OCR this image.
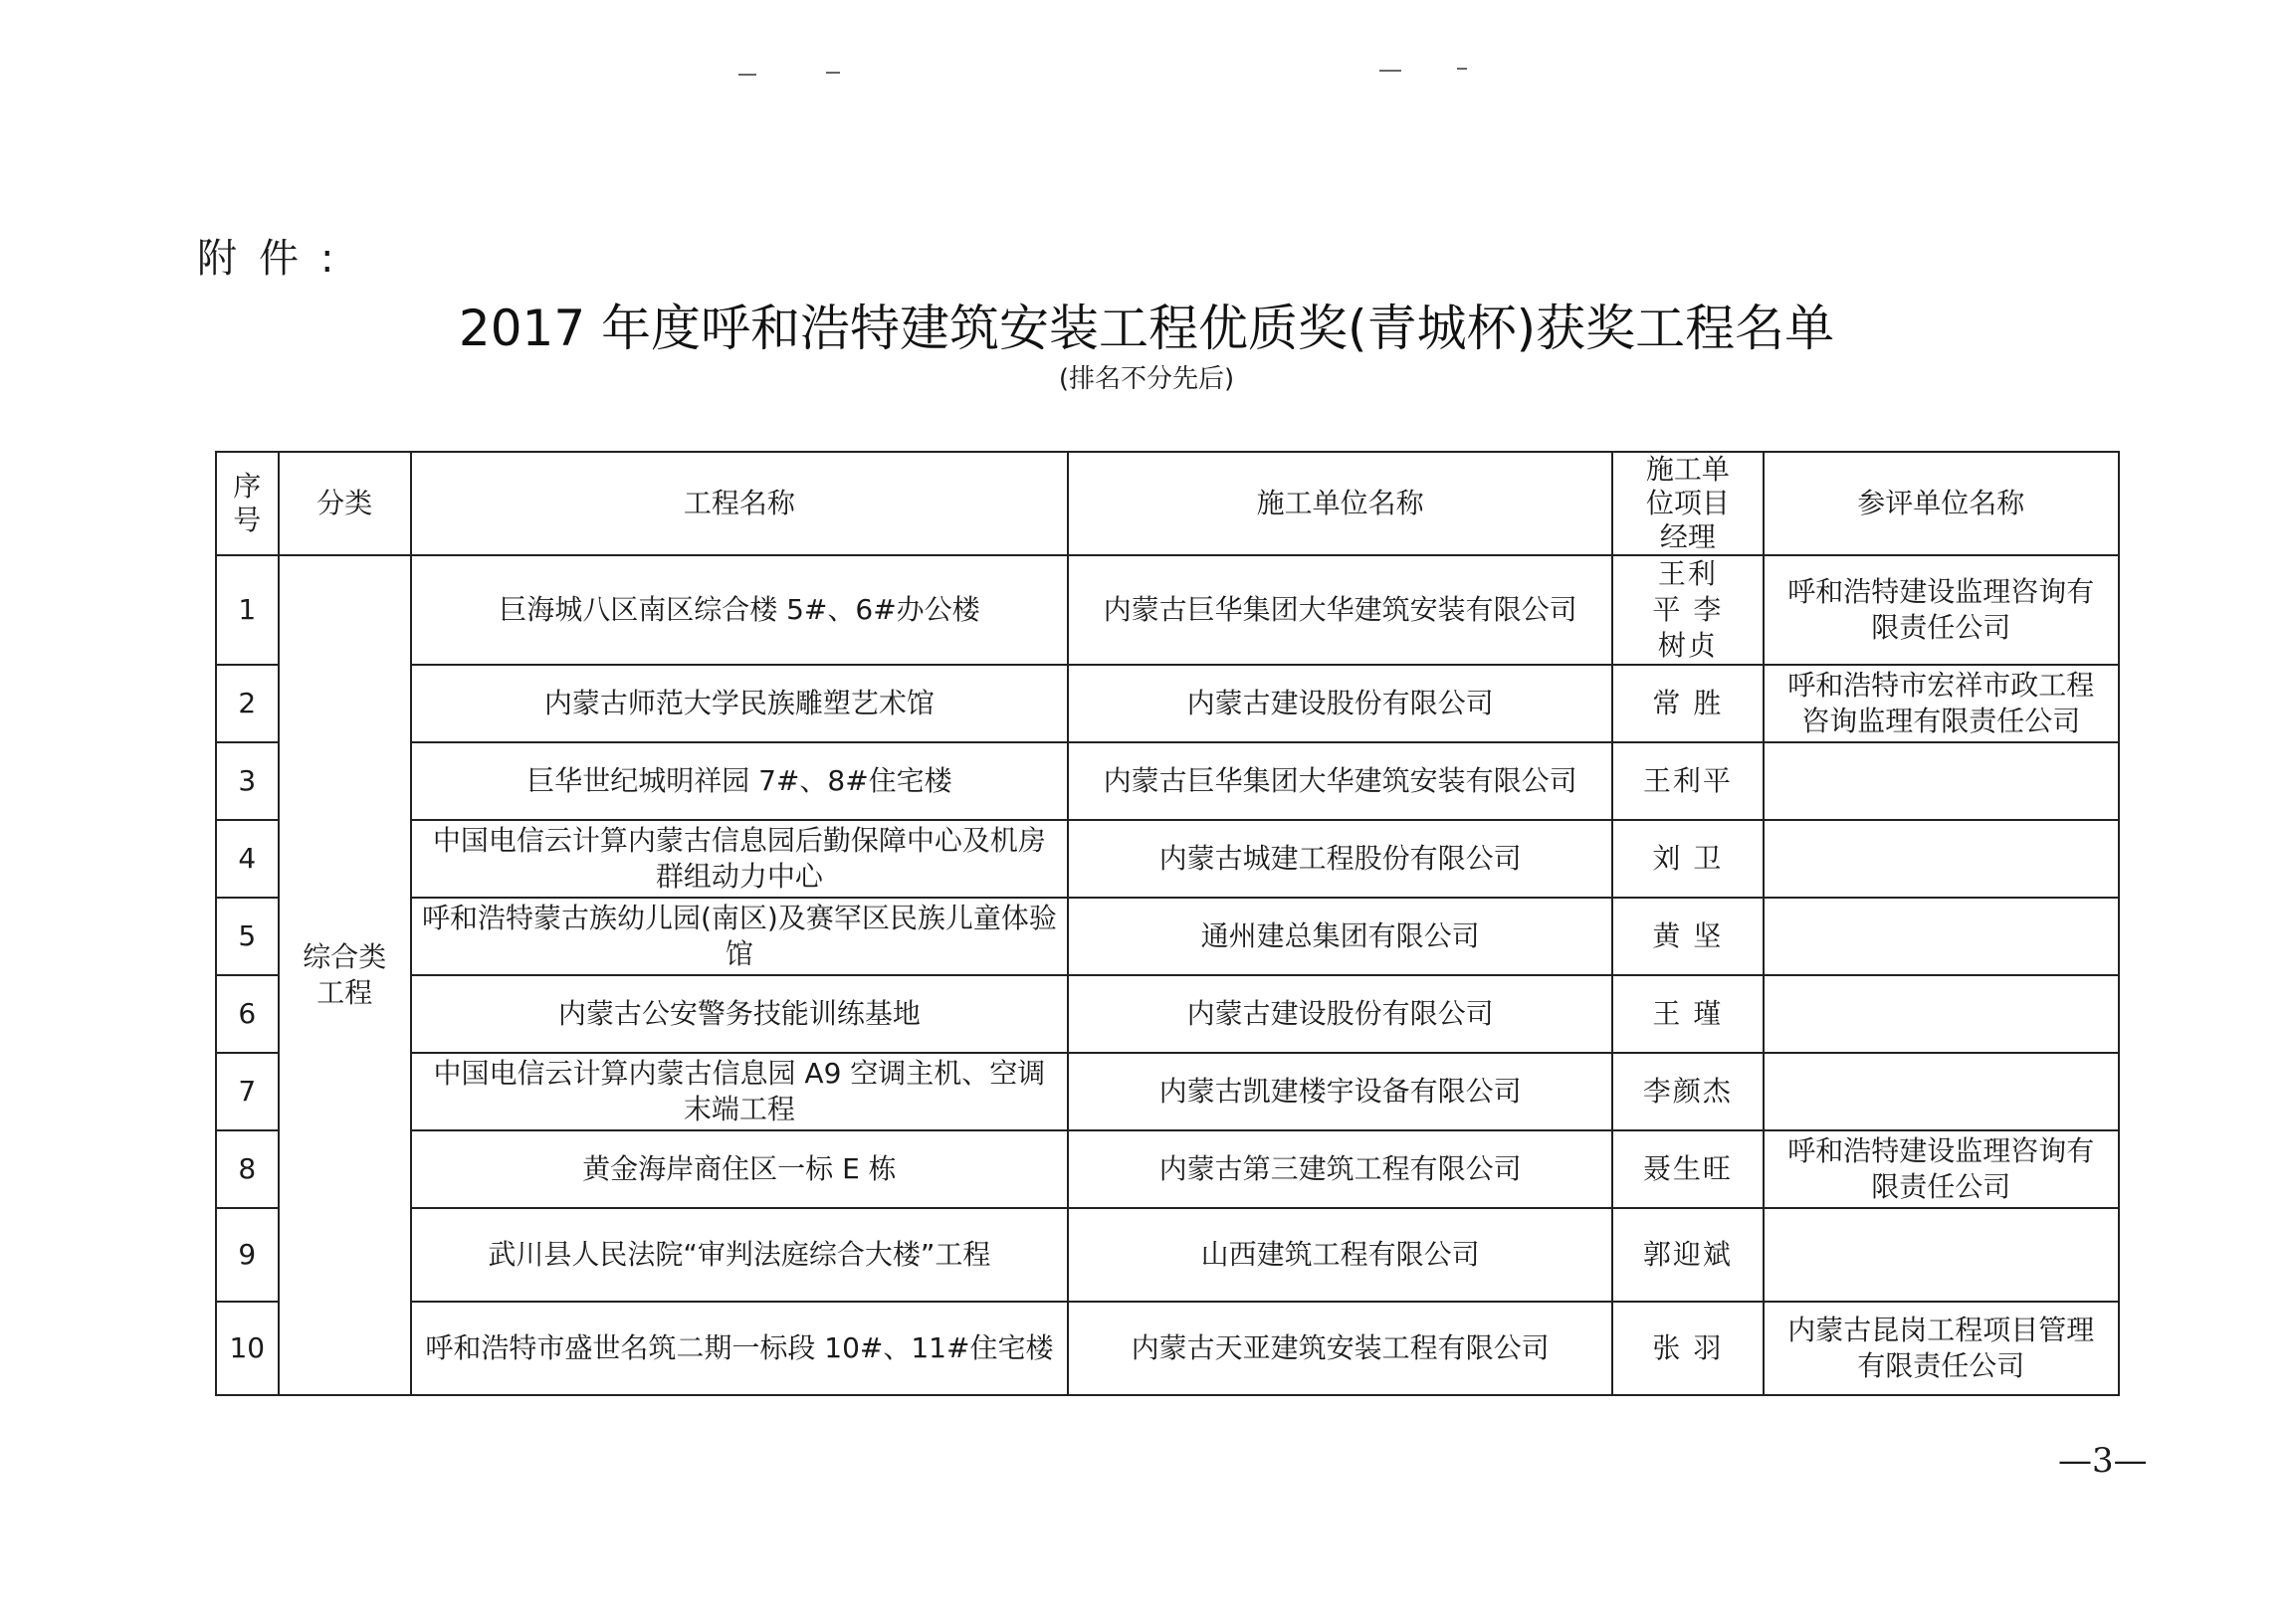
附件:
2017 年度呼和浩特建筑安装工程优质奖(青城杯)获奖工程名单
(排名不分先后)
序号	分类	工程名称	施工单位名称	施工单位项目经理	参评单位名称
1	综合类工程	巨海城八区南区综合楼 5#、6#办公楼	内蒙古巨华集团大华建筑安装有限公司	王利平 李树贞	呼和浩特建设监理咨询有限责任公司
2		内蒙古师范大学民族雕塑艺术馆	内蒙古建设股份有限公司	常 胜	呼和浩特市宏祥市政工程咨询监理有限责任公司
3		巨华世纪城明祥园 7#、8#住宅楼	内蒙古巨华集团大华建筑安装有限公司	王利平	
4		中国电信云计算内蒙古信息园后勤保障中心及机房群组动力中心	内蒙古城建工程股份有限公司	刘 卫	
5		呼和浩特蒙古族幼儿园(南区)及赛罕区民族儿童体验馆	通州建总集团有限公司	黄 坚	
6		内蒙古公安警务技能训练基地	内蒙古建设股份有限公司	王 瑾	
7		中国电信云计算内蒙古信息园 A9 空调主机、空调末端工程	内蒙古凯建楼宇设备有限公司	李颜杰	
8		黄金海岸商住区一标 E 栋	内蒙古第三建筑工程有限公司	聂生旺	呼和浩特建设监理咨询有限责任公司
9		武川县人民法院“审判法庭综合大楼”工程	山西建筑工程有限公司	郭迎斌	
10		呼和浩特市盛世名筑二期一标段 10#、11#住宅楼	内蒙古天亚建筑安装工程有限公司	张 羽	内蒙古昆岗工程项目管理有限责任公司
—3—
